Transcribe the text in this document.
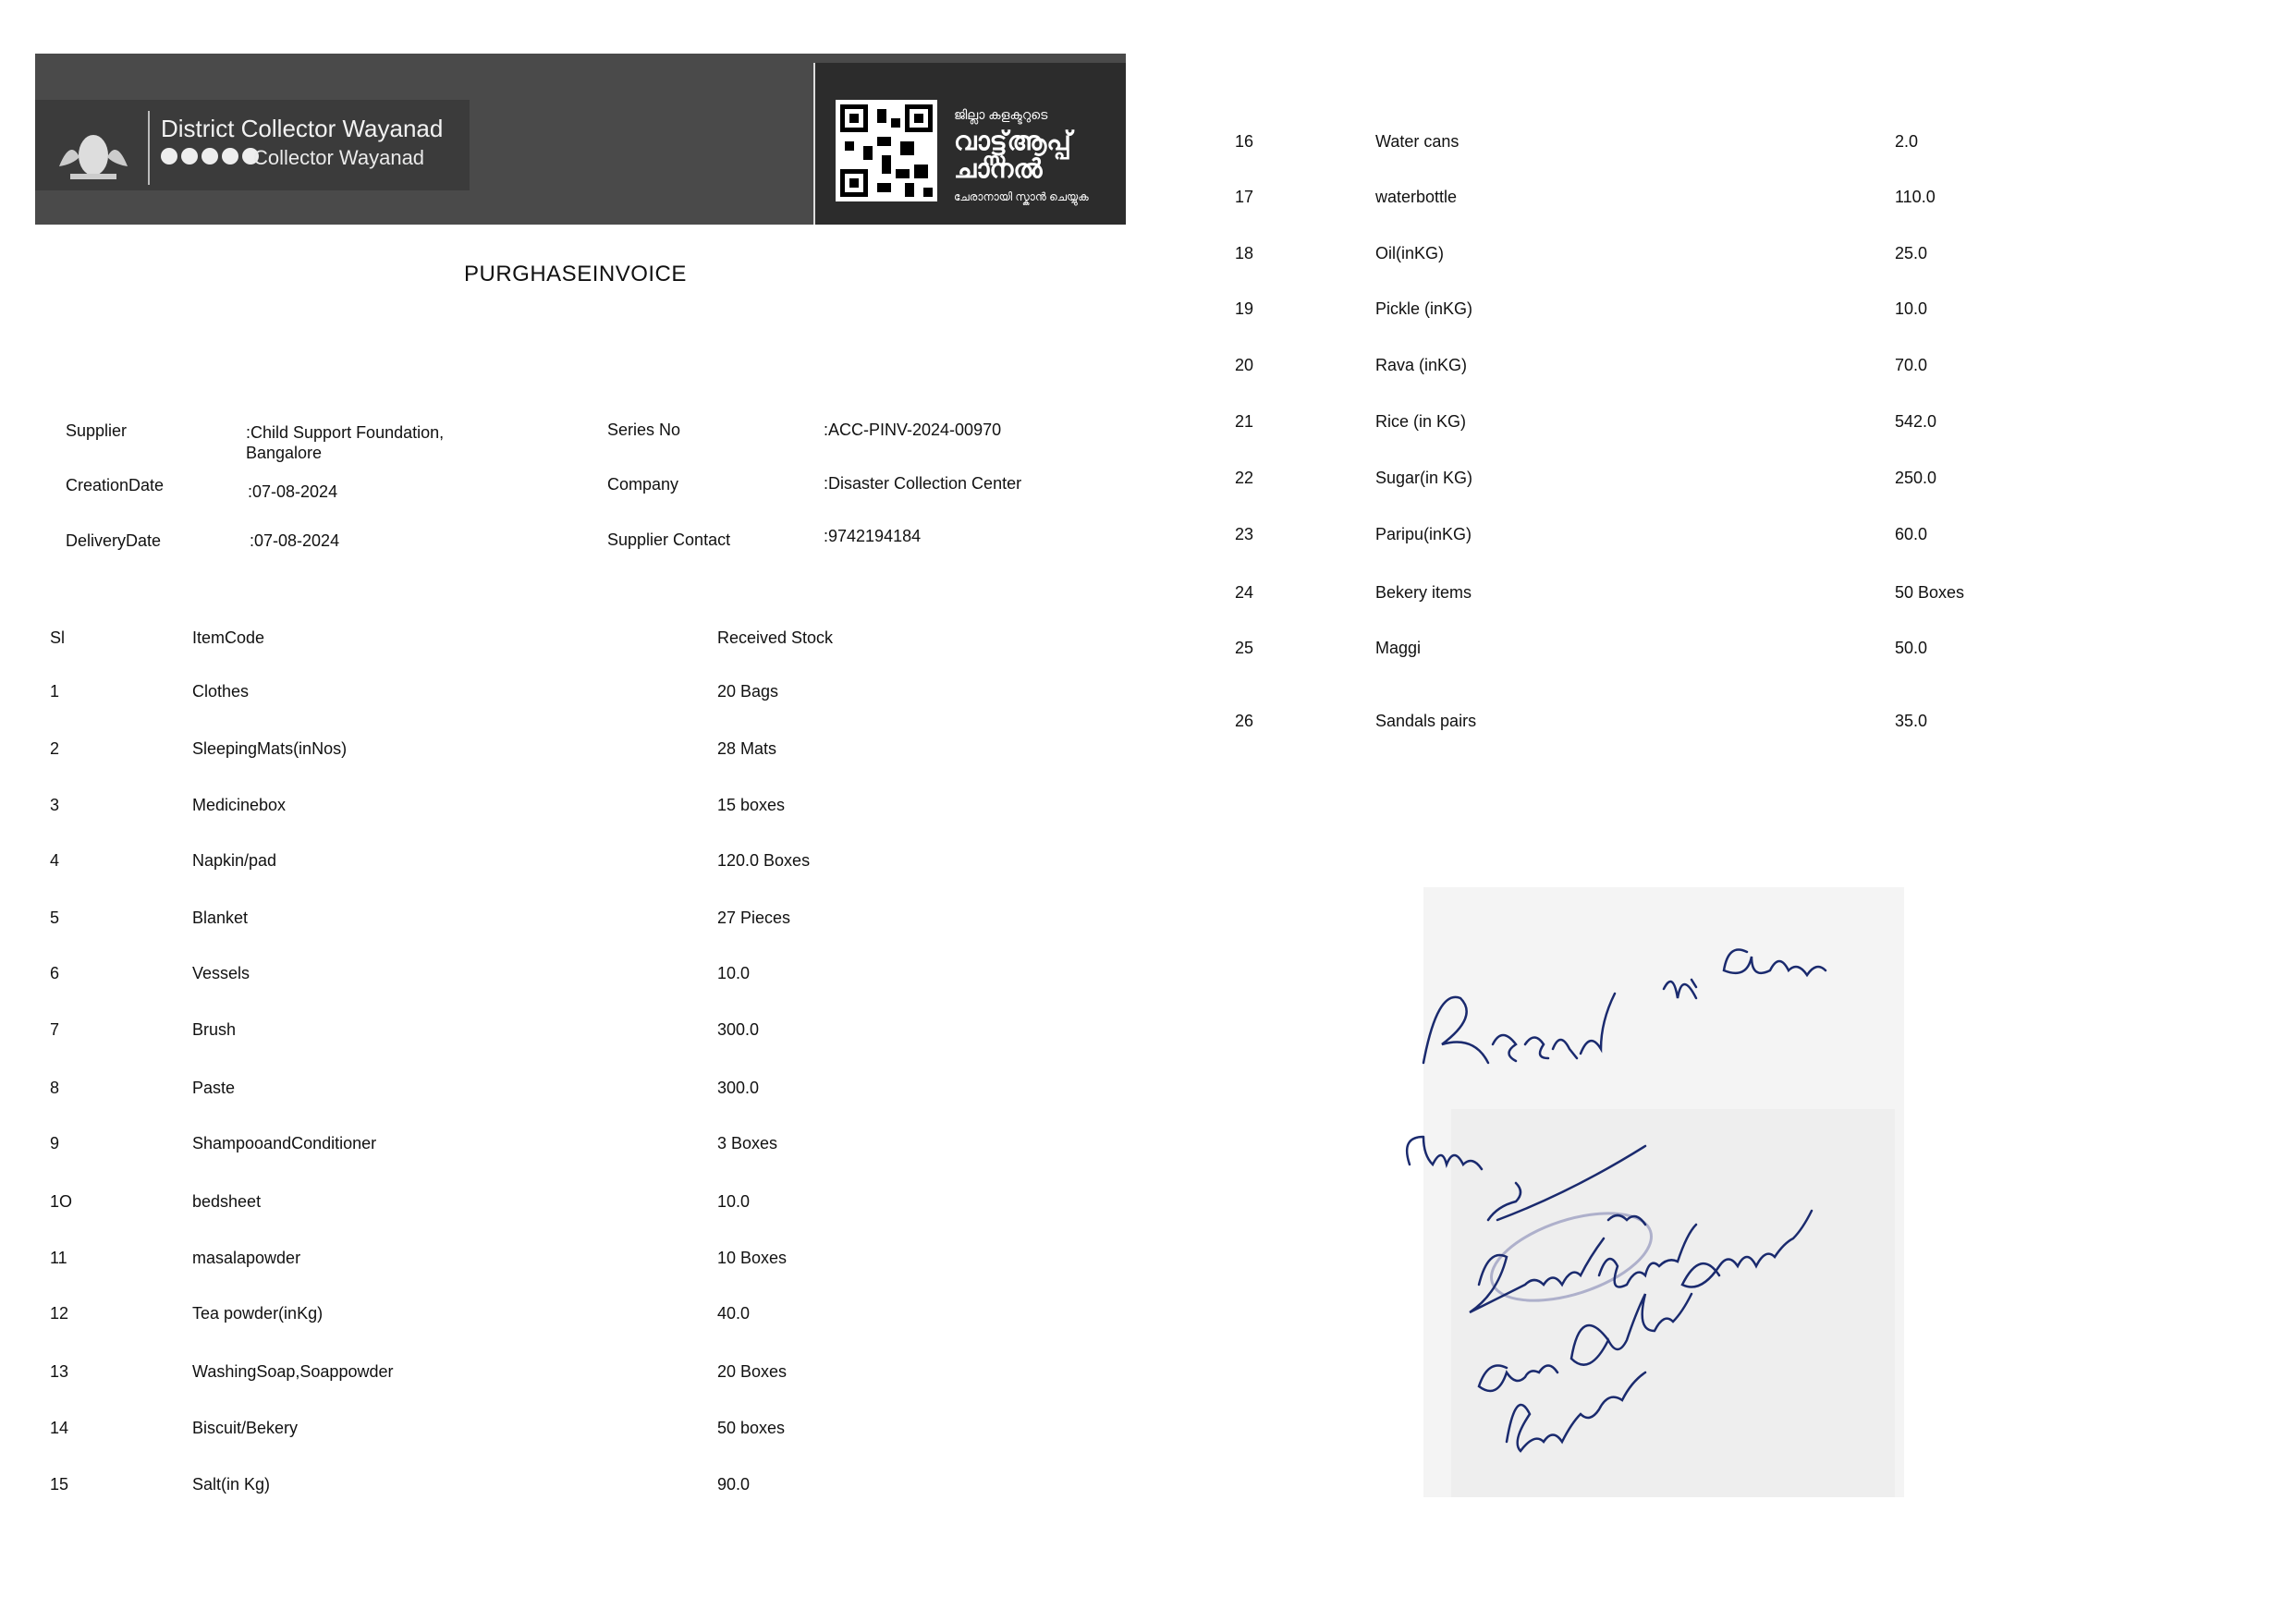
District Collector Wayanad
Collector Wayanad
ജില്ലാ കളക്ടറുടെ
വാട്ട്സ്ആപ്പ് ചാനൽ
ചേരാനായി സ്കാൻ ചെയ്യുക
PURGHASEINVOICE
Supplier	:Child Support Foundation,
Bangalore
CreationDate	:07-08-2024
DeliveryDate	:07-08-2024
Series No	:ACC-PINV-2024-00970
Company	:Disaster Collection Center
Supplier Contact	:9742194184
Sl	ItemCode	Received Stock
1	Clothes	20 Bags
2	SleepingMats(inNos)	28 Mats
3	Medicinebox	15 boxes
4	Napkin/pad	120.0 Boxes
5	Blanket	27 Pieces
6	Vessels	10.0
7	Brush	300.0
8	Paste	300.0
9	ShampooandConditioner	3 Boxes
1O	bedsheet	10.0
11	masalapowder	10 Boxes
12	Tea powder(inKg)	40.0
13	WashingSoap,Soappowder	20 Boxes
14	Biscuit/Bekery	50 boxes
15	Salt(in Kg)	90.0
16	Water cans	2.0
17	waterbottle	110.0
18	Oil(inKG)	25.0
19	Pickle (inKG)	10.0
20	Rava (inKG)	70.0
21	Rice (in KG)	542.0
22	Sugar(in KG)	250.0
23	Paripu(inKG)	60.0
24	Bekery items	50 Boxes
25	Maggi	50.0
26	Sandals pairs	35.0
